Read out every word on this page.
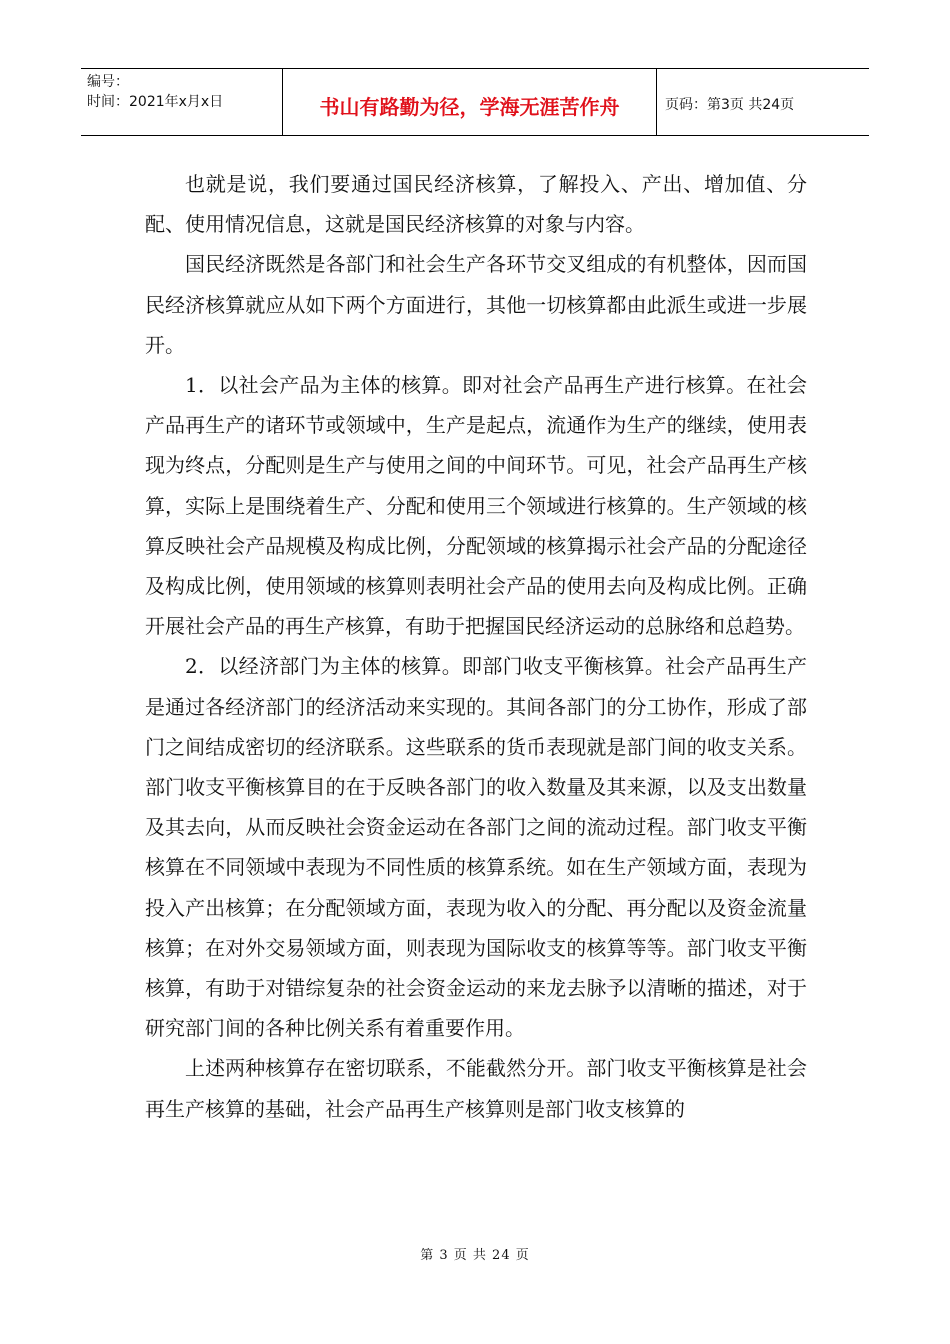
编号：
时间：2021年x月x日	书山有路勤为径，学海无涯苦作舟	页码：第3页 共24页

也就是说，我们要通过国民经济核算，了解投入、产出、增加值、分配、使用情况信息，这就是国民经济核算的对象与内容。

国民经济既然是各部门和社会生产各环节交叉组成的有机整体，因而国民经济核算就应从如下两个方面进行，其他一切核算都由此派生或进一步展开。

1．以社会产品为主体的核算。即对社会产品再生产进行核算。在社会产品再生产的诸环节或领域中，生产是起点，流通作为生产的继续，使用表现为终点，分配则是生产与使用之间的中间环节。可见，社会产品再生产核算，实际上是围绕着生产、分配和使用三个领域进行核算的。生产领域的核算反映社会产品规模及构成比例，分配领域的核算揭示社会产品的分配途径及构成比例，使用领域的核算则表明社会产品的使用去向及构成比例。正确开展社会产品的再生产核算，有助于把握国民经济运动的总脉络和总趋势。

2．以经济部门为主体的核算。即部门收支平衡核算。社会产品再生产是通过各经济部门的经济活动来实现的。其间各部门的分工协作，形成了部门之间结成密切的经济联系。这些联系的货币表现就是部门间的收支关系。部门收支平衡核算目的在于反映各部门的收入数量及其来源，以及支出数量及其去向，从而反映社会资金运动在各部门之间的流动过程。部门收支平衡核算在不同领域中表现为不同性质的核算系统。如在生产领域方面，表现为投入产出核算；在分配领域方面，表现为收入的分配、再分配以及资金流量核算；在对外交易领域方面，则表现为国际收支的核算等等。部门收支平衡核算，有助于对错综复杂的社会资金运动的来龙去脉予以清晰的描述，对于研究部门间的各种比例关系有着重要作用。

上述两种核算存在密切联系，不能截然分开。部门收支平衡核算是社会再生产核算的基础，社会产品再生产核算则是部门收支核算的

第 3 页 共 24 页
